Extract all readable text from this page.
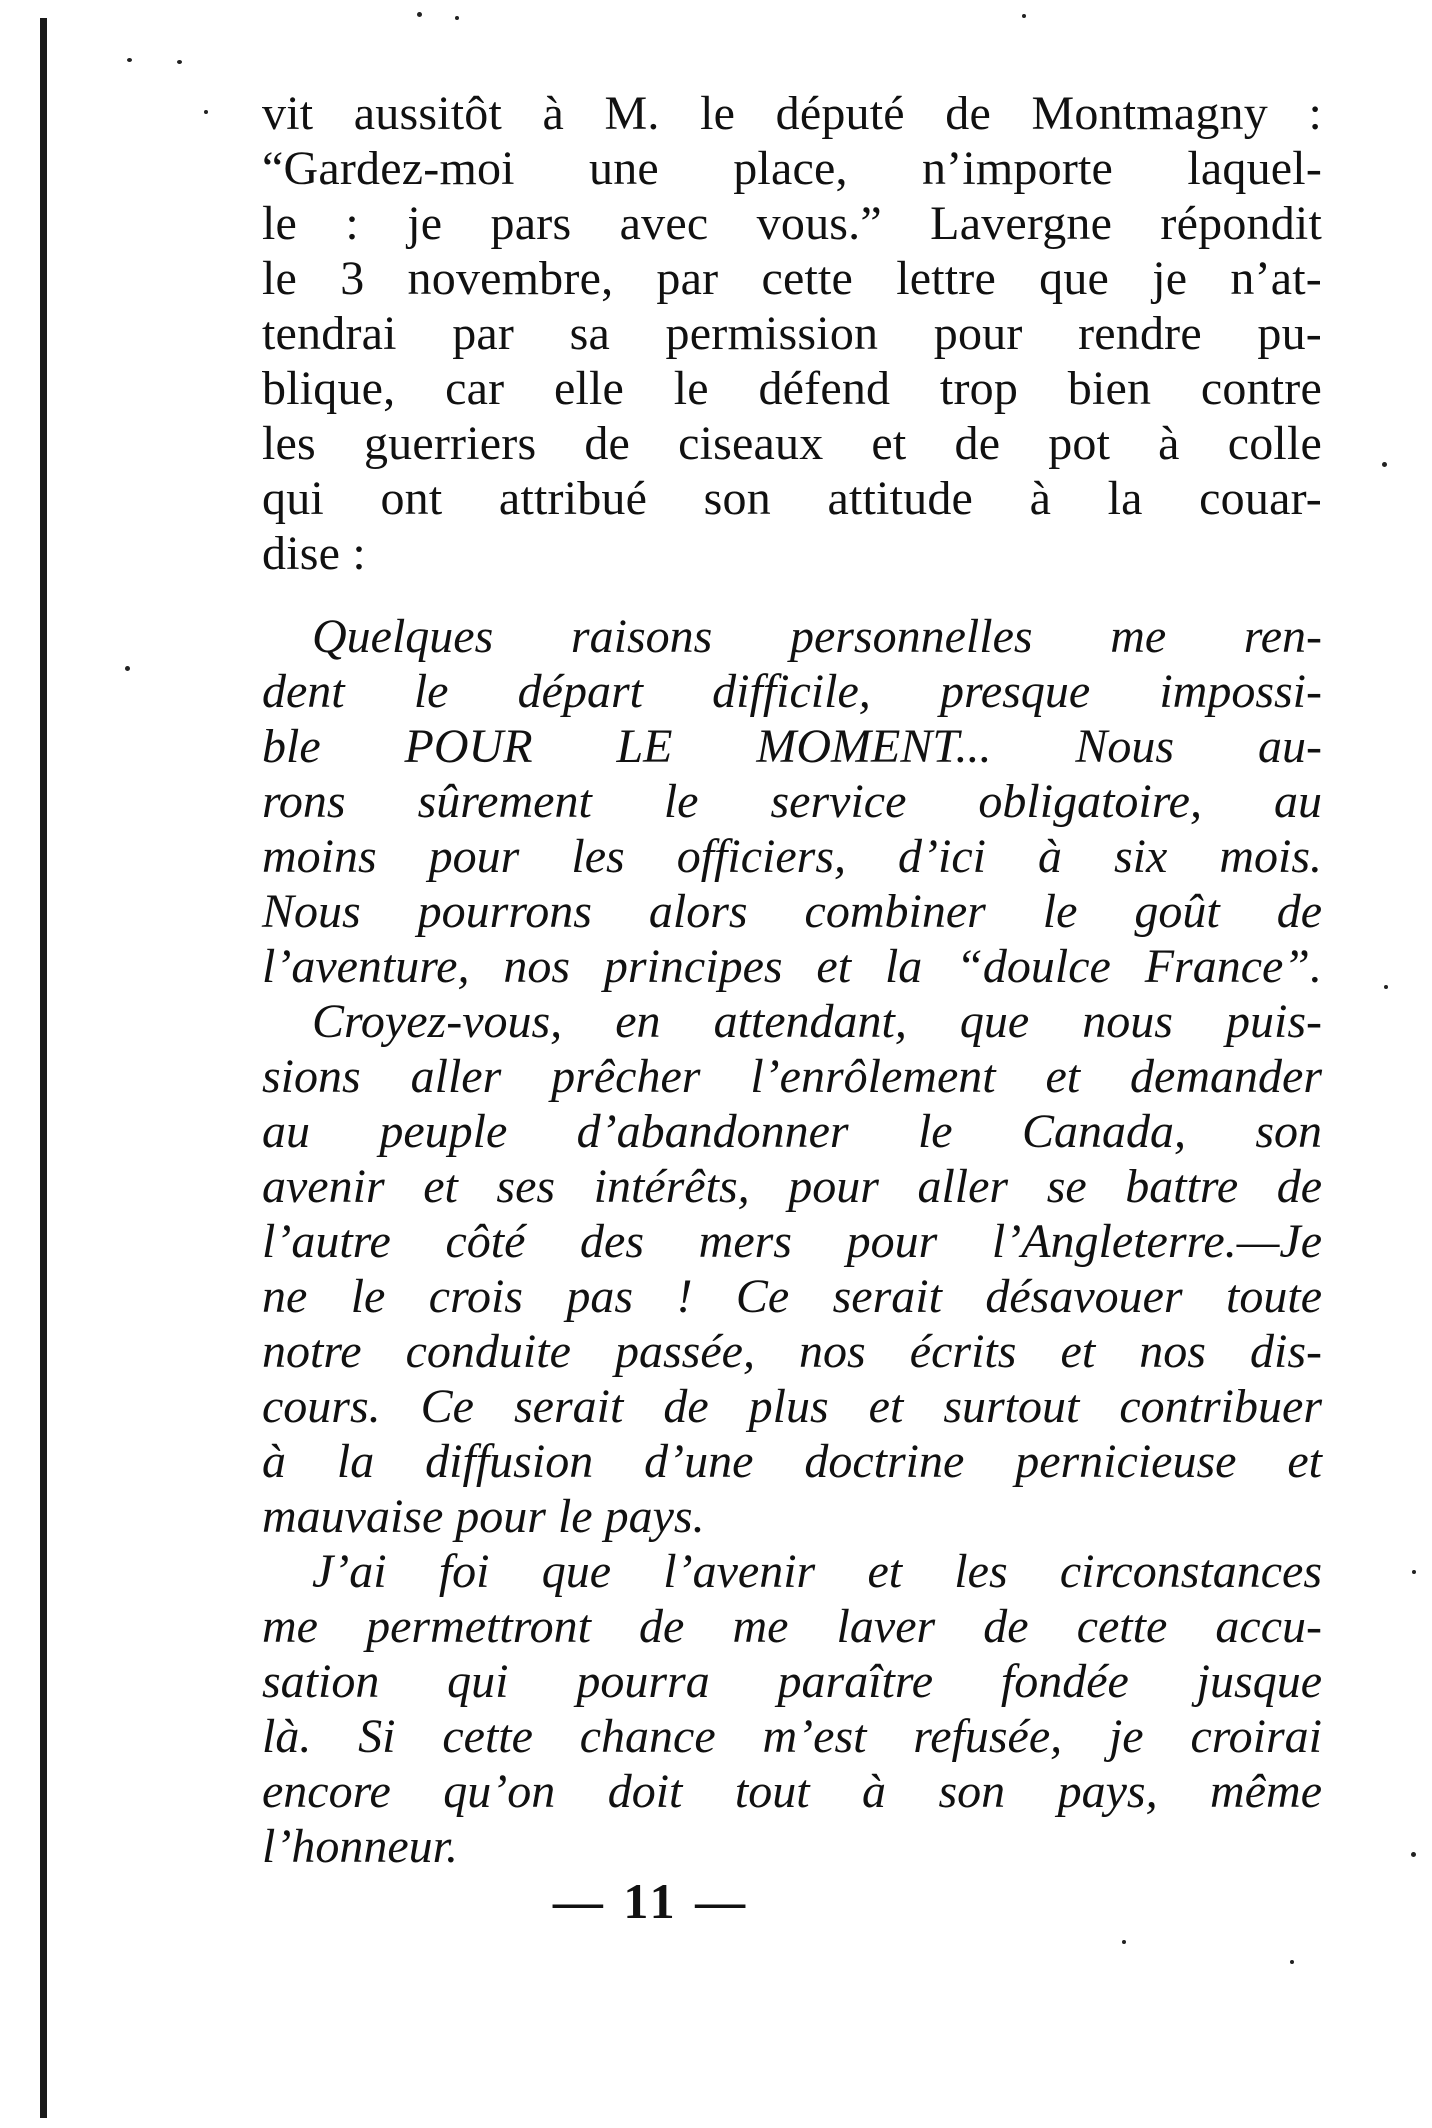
vit aussitôt à M. le député de Montmagny :
“Gardez-moi une place, n’importe laquel-
le : je pars avec vous.” Lavergne répondit
le 3 novembre, par cette lettre que je n’at-
tendrai par sa permission pour rendre pu-
blique, car elle le défend trop bien contre
les guerriers de ciseaux et de pot à colle
qui ont attribué son attitude à la couar-
dise :
Quelques raisons personnelles me ren-
dent le départ difficile, presque impossi-
ble POUR LE MOMENT... Nous au-
rons sûrement le service obligatoire, au
moins pour les officiers, d’ici à six mois.
Nous pourrons alors combiner le goût de
l’aventure, nos principes et la “doulce France”.
Croyez-vous, en attendant, que nous puis-
sions aller prêcher l’enrôlement et demander
au peuple d’abandonner le Canada, son
avenir et ses intérêts, pour aller se battre de
l’autre côté des mers pour l’Angleterre.—Je
ne le crois pas ! Ce serait désavouer toute
notre conduite passée, nos écrits et nos dis-
cours. Ce serait de plus et surtout contribuer
à la diffusion d’une doctrine pernicieuse et
mauvaise pour le pays.
J’ai foi que l’avenir et les circonstances
me permettront de me laver de cette accu-
sation qui pourra paraître fondée jusque
là. Si cette chance m’est refusée, je croirai
encore qu’on doit tout à son pays, même
l’honneur.
— 11 —
